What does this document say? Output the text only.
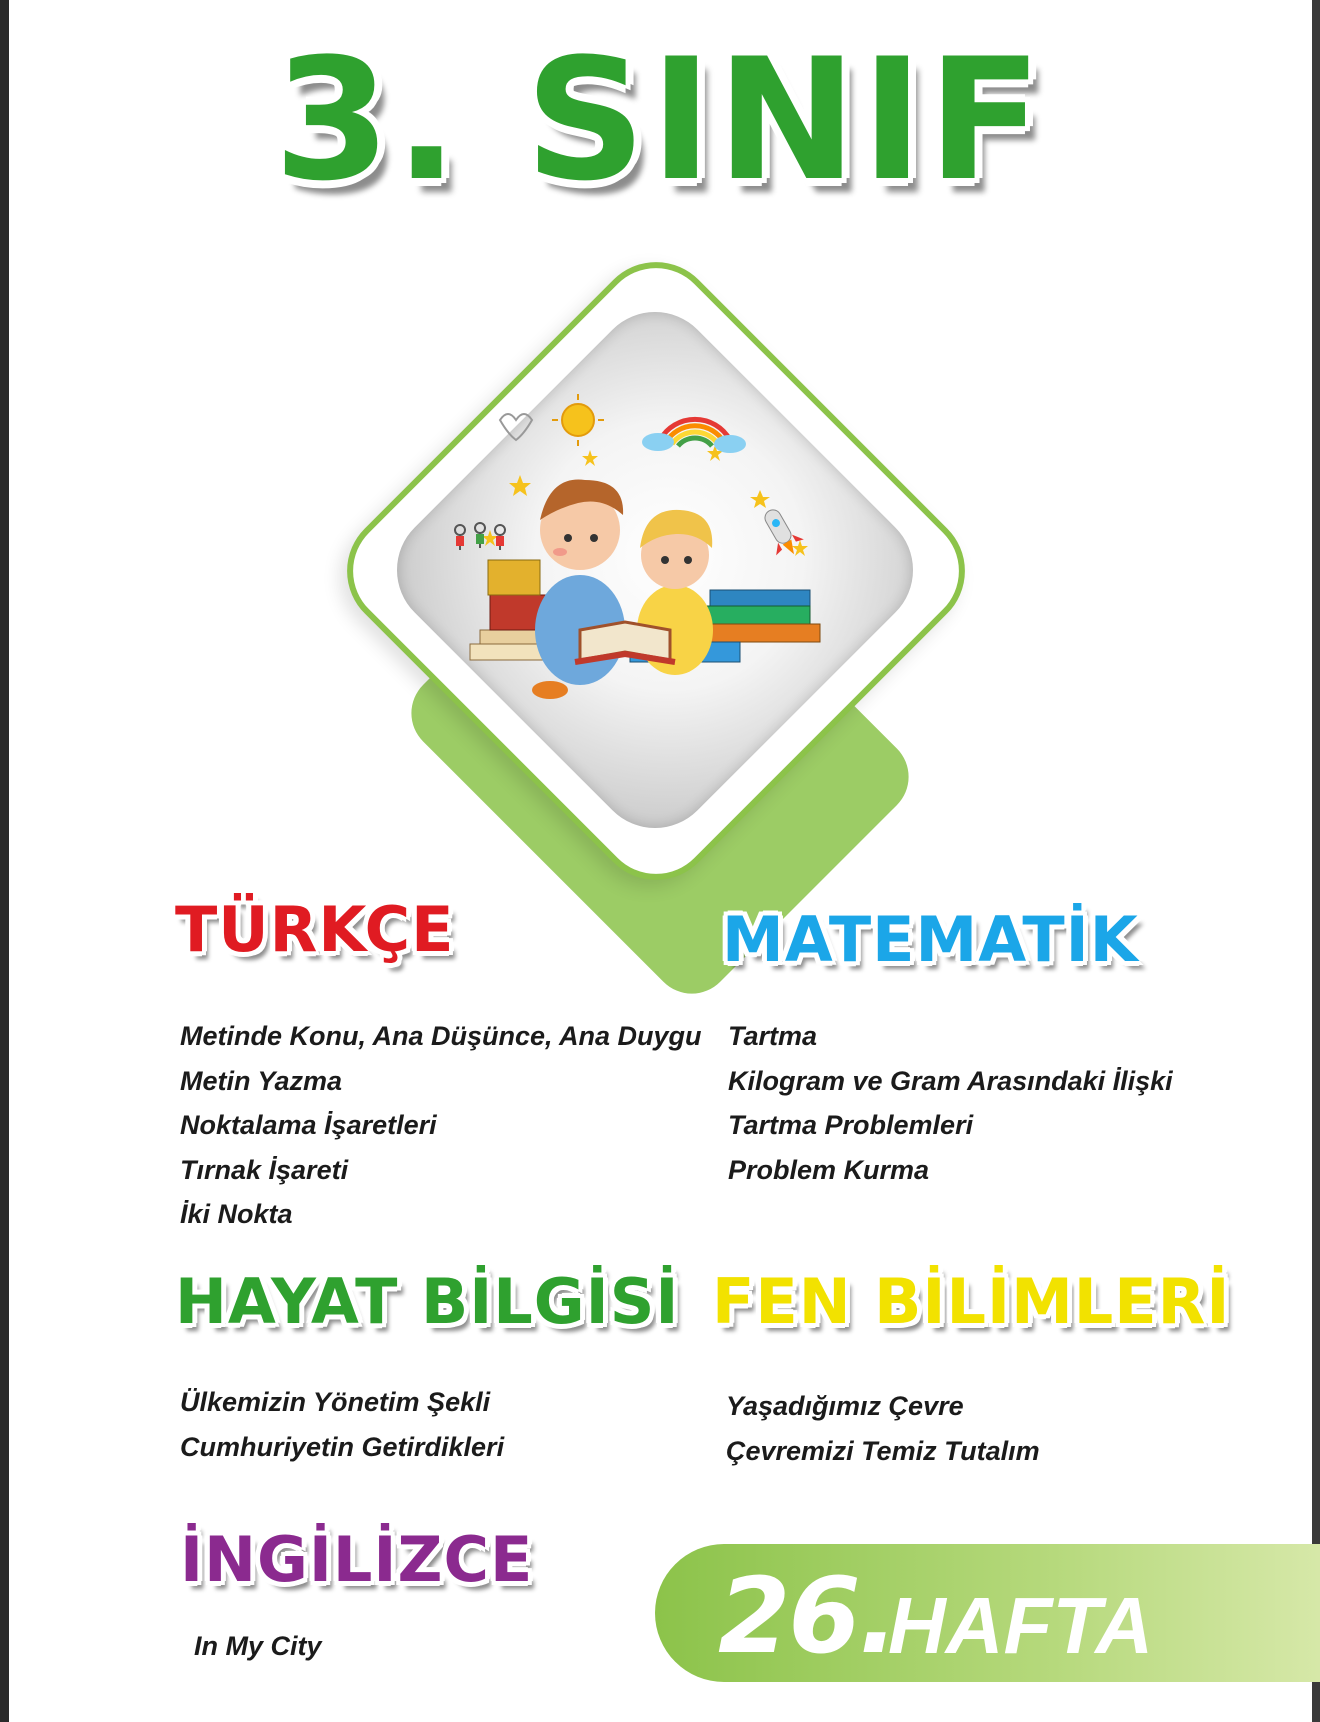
3. SINIF
TÜRKÇE
Metinde Konu, Ana Düşünce, Ana Duygu
Metin Yazma
Noktalama İşaretleri
Tırnak İşareti
İki Nokta
MATEMATİK
Tartma
Kilogram ve Gram Arasındaki İlişki
Tartma Problemleri
Problem Kurma
HAYAT BİLGİSİ
Ülkemizin Yönetim Şekli
Cumhuriyetin Getirdikleri
FEN BİLİMLERİ
Yaşadığımız Çevre
Çevremizi Temiz Tutalım
İNGİLİZCE
In My City	26.
HAFTA
